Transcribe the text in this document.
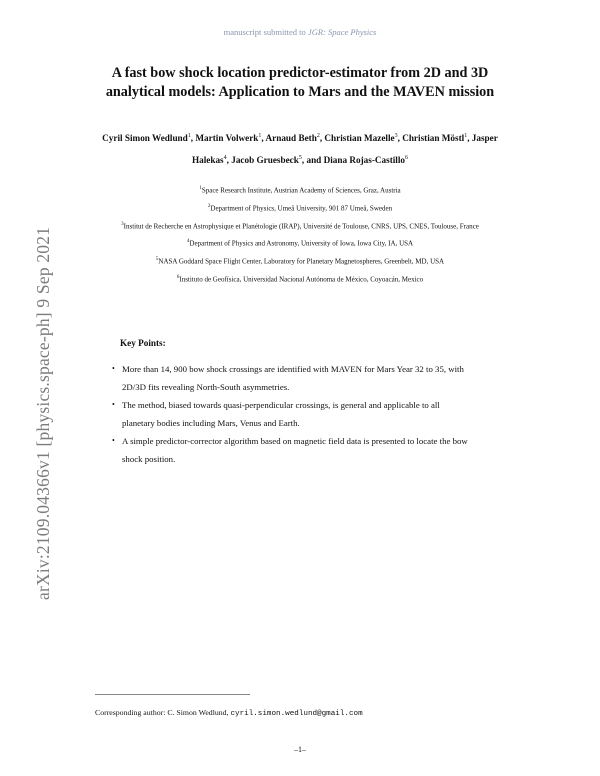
manuscript submitted to JGR: Space Physics
arXiv:2109.04366v1 [physics.space-ph] 9 Sep 2021
A fast bow shock location predictor-estimator from 2D and 3D
analytical models: Application to Mars and the MAVEN mission
Cyril Simon Wedlund$^1$, Martin Volwerk$^1$, Arnaud Beth$^2$, Christian Mazelle$^3$, Christian Möstl$^1$, Jasper Halekas$^4$, Jacob Gruesbeck$^5$, and Diana Rojas-Castillo$^6$
$^1$Space Research Institute, Austrian Academy of Sciences, Graz, Austria
$^2$Department of Physics, Umeå University, 901 87 Umeå, Sweden
$^3$Institut de Recherche en Astrophysique et Planétologie (IRAP), Université de Toulouse, CNRS, UPS, CNES, Toulouse, France
$^4$Department of Physics and Astronomy, University of Iowa, Iowa City, IA, USA
$^5$NASA Goddard Space Flight Center, Laboratory for Planetary Magnetospheres, Greenbelt, MD, USA
$^6$Instituto de Geofísica, Universidad Nacional Autónoma de México, Coyoacán, Mexico
Key Points:
• More than 14, 900 bow shock crossings are identified with MAVEN for Mars Year 32 to 35, with 2D/3D fits revealing North-South asymmetries.
• The method, biased towards quasi-perpendicular crossings, is general and applicable to all planetary bodies including Mars, Venus and Earth.
• A simple predictor-corrector algorithm based on magnetic field data is presented to locate the bow shock position.
Corresponding author: C. Simon Wedlund, cyril.simon.wedlund@gmail.com
–1–
